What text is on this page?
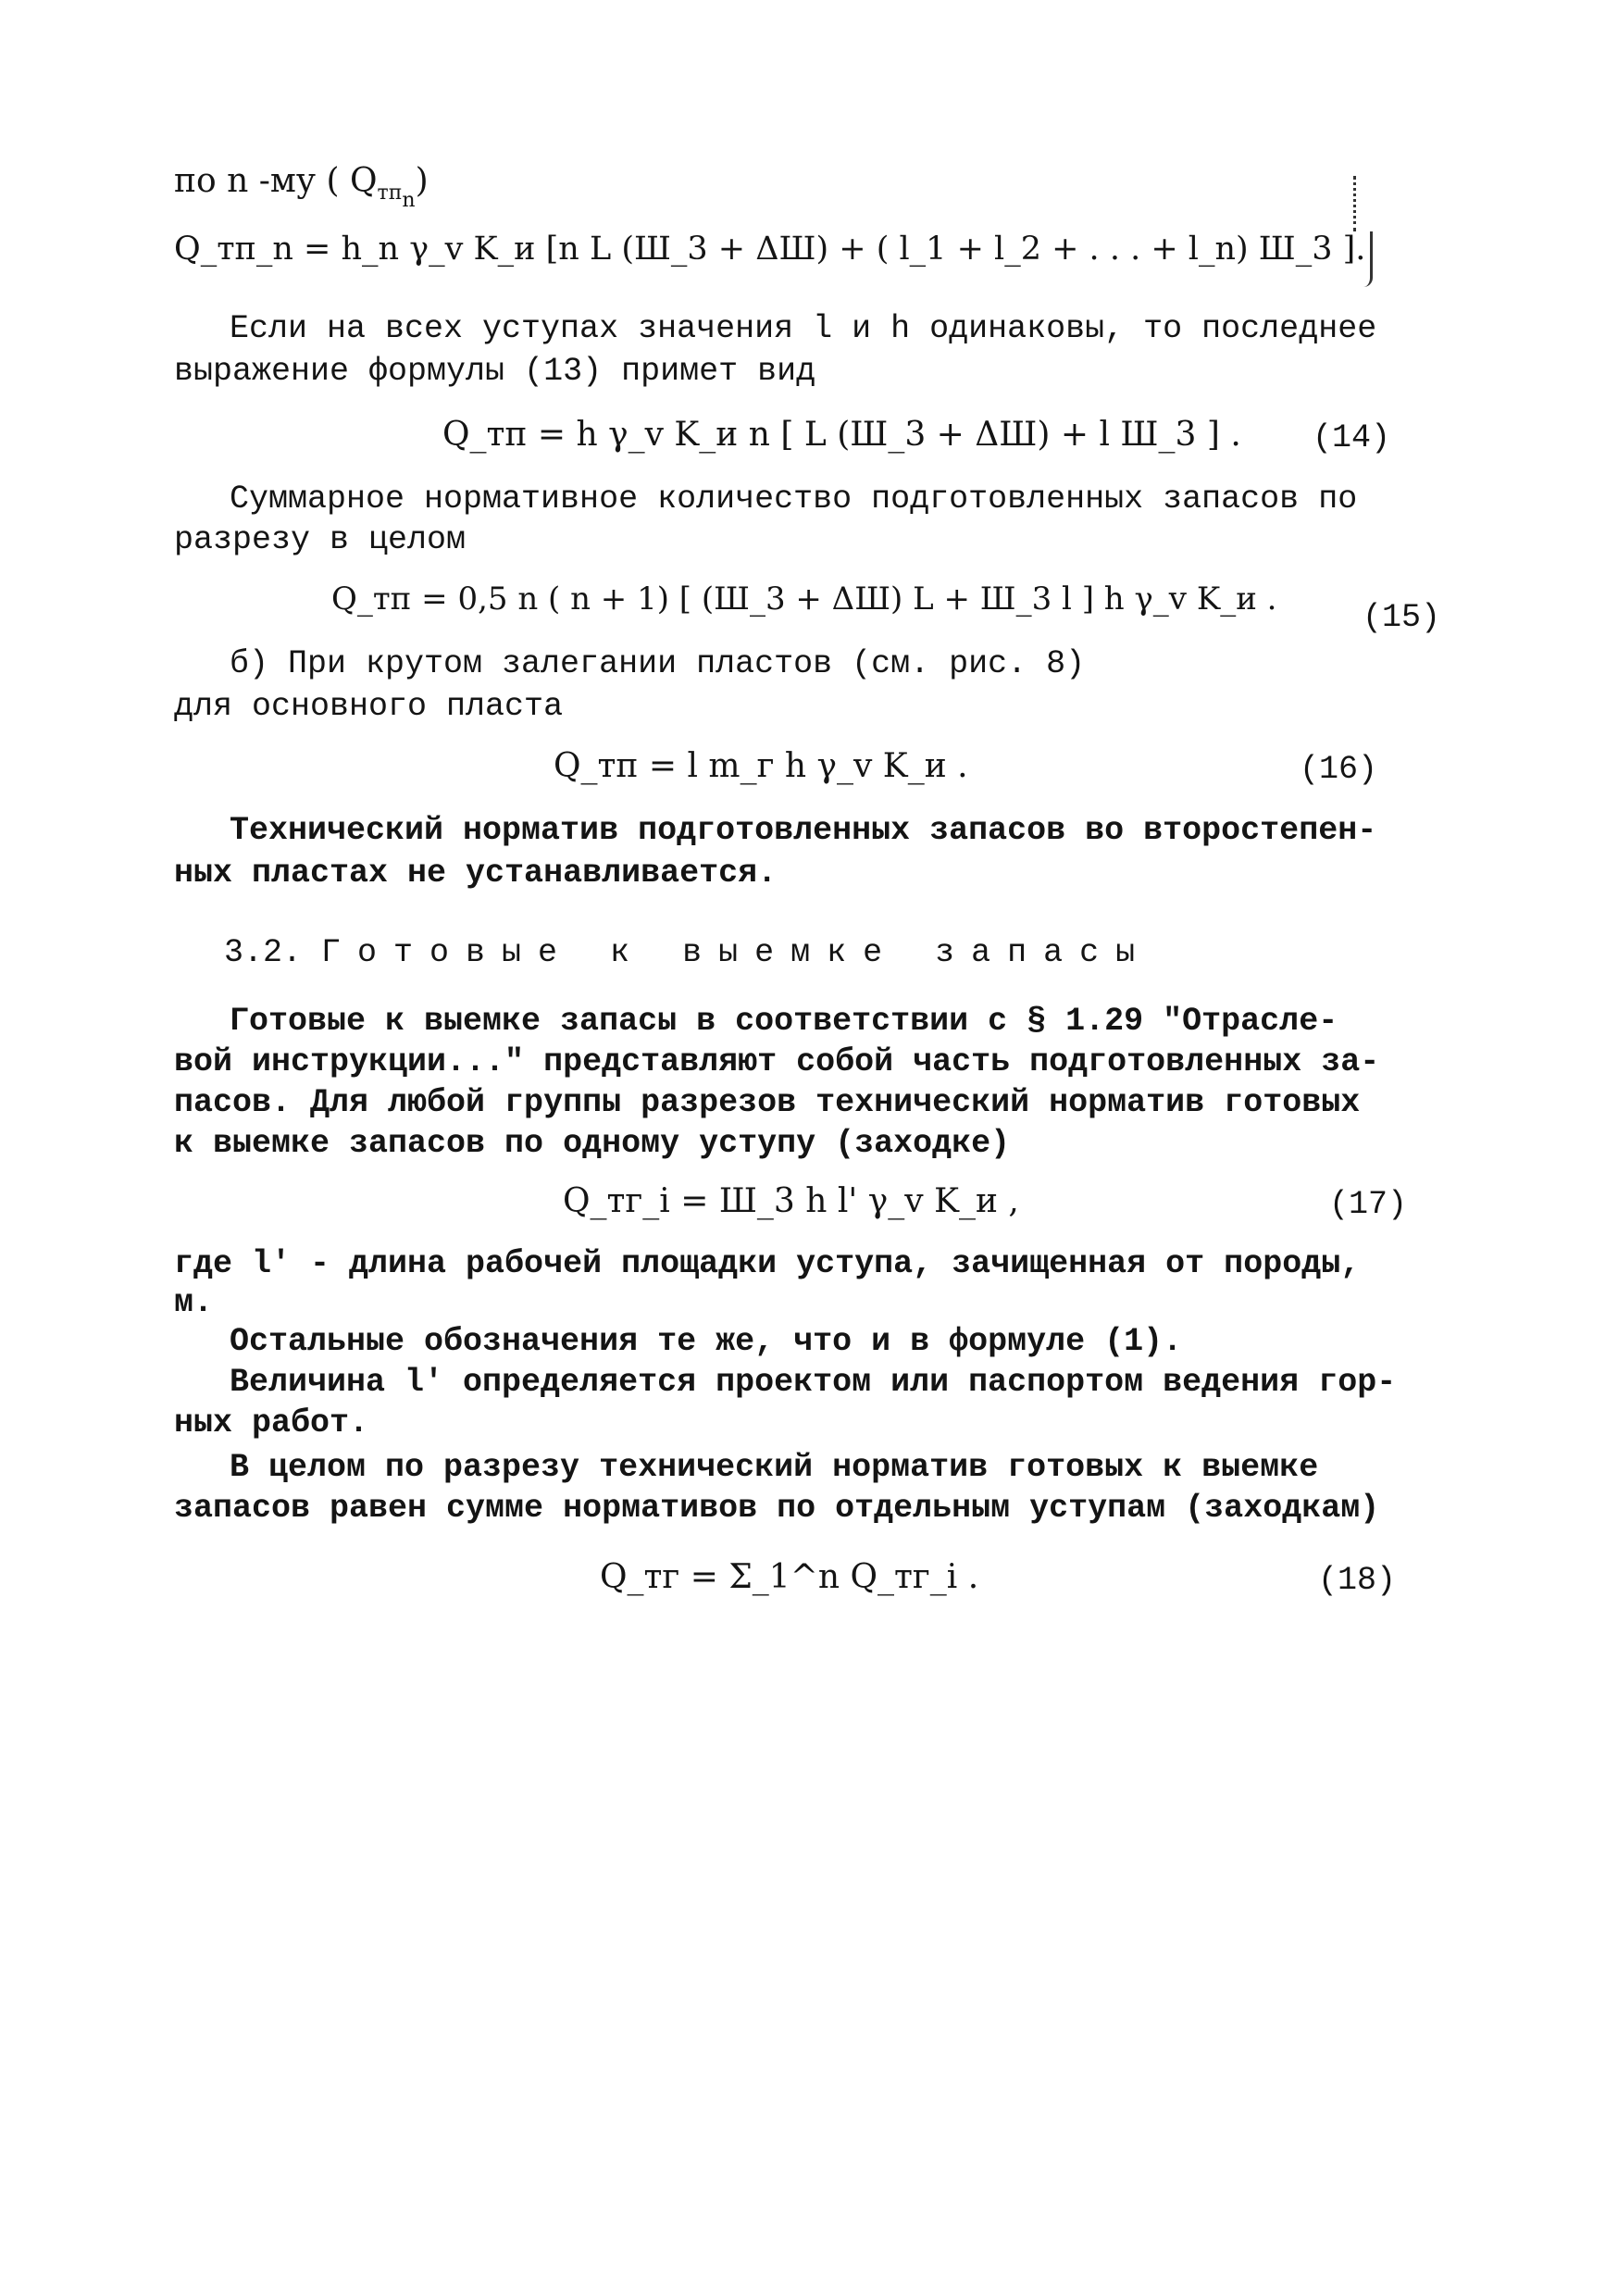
по n -му ( $Q_{тп_n}$)
Q_тп_n = h_n γ_v K_и [n L (Ш_3 + ΔШ) + ( l_1 + l_2 + . . . + l_n) Ш_3 ].
Если на всех уступах значения l и h одинаковы, то последнее
выражение формулы (13) примет вид
Q_тп = h γ_v K_и n [ L (Ш_3 + ΔШ) + l Ш_3 ] . (14)
Суммарное нормативное количество подготовленных запасов по
разрезу в целом
Q_тп = 0,5 n ( n + 1) [ (Ш_3 + ΔШ) L + Ш_3 l ] h γ_v K_и .	(15)
б) При крутом залегании пластов (см. рис. 8)
для основного пласта
Q_тп = l m_г h γ_v K_и .	(16)
Технический норматив подготовленных запасов во второстепен-
ных пластах не устанавливается.
3.2. Готовые к выемке запасы
Готовые к выемке запасы в соответствии с § 1.29 "Отрасле-
вой инструкции..." представляют собой часть подготовленных за-
пасов. Для любой группы разрезов технический норматив готовых
к выемке запасов по одному уступу (заходке)
Q_тг_i = Ш_3 h l' γ_v K_и ,	(17)
где l' - длина рабочей площадки уступа, зачищенная от породы,
м.
Остальные обозначения те же, что и в формуле (1).
Величина l' определяется проектом или паспортом ведения гор-
ных работ.
В целом по разрезу технический норматив готовых к выемке
запасов равен сумме нормативов по отдельным уступам (заходкам)
Q_тг = Σ_1^n Q_тг_i .	(18)
